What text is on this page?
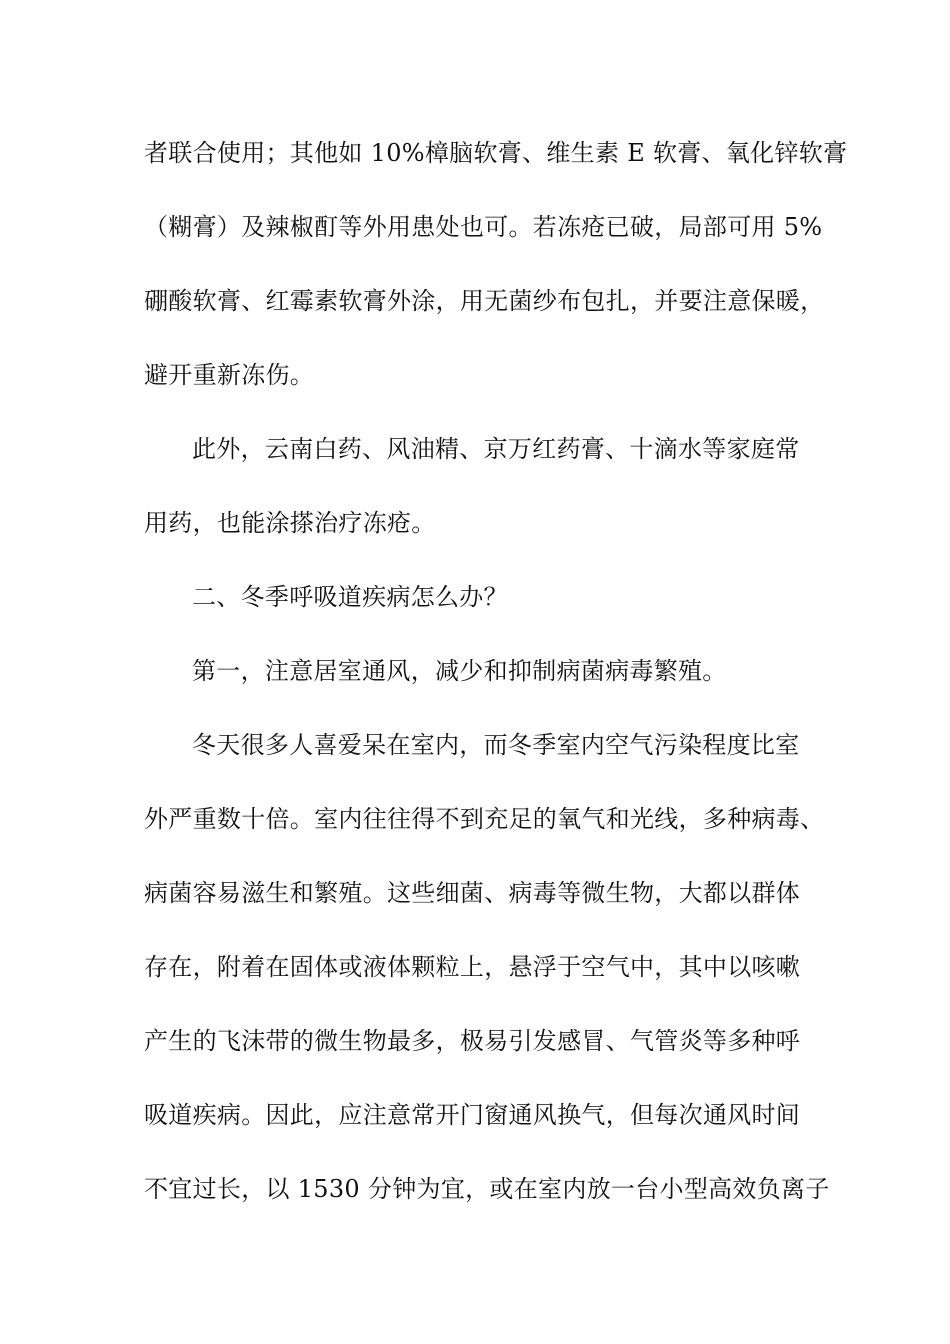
者联合使用；其他如 10%樟脑软膏、维生素 E 软膏、氧化锌软膏
（糊膏）及辣椒酊等外用患处也可。若冻疮已破，局部可用 5%
硼酸软膏、红霉素软膏外涂，用无菌纱布包扎，并要注意保暖，
避开重新冻伤。
此外，云南白药、风油精、京万红药膏、十滴水等家庭常
用药，也能涂搽治疗冻疮。
二、冬季呼吸道疾病怎么办？
第一，注意居室通风，减少和抑制病菌病毒繁殖。
冬天很多人喜爱呆在室内，而冬季室内空气污染程度比室
外严重数十倍。室内往往得不到充足的氧气和光线，多种病毒、
病菌容易滋生和繁殖。这些细菌、病毒等微生物，大都以群体
存在，附着在固体或液体颗粒上，悬浮于空气中，其中以咳嗽
产生的飞沫带的微生物最多，极易引发感冒、气管炎等多种呼
吸道疾病。因此，应注意常开门窗通风换气，但每次通风时间
不宜过长，以 1530 分钟为宜，或在室内放一台小型高效负离子
